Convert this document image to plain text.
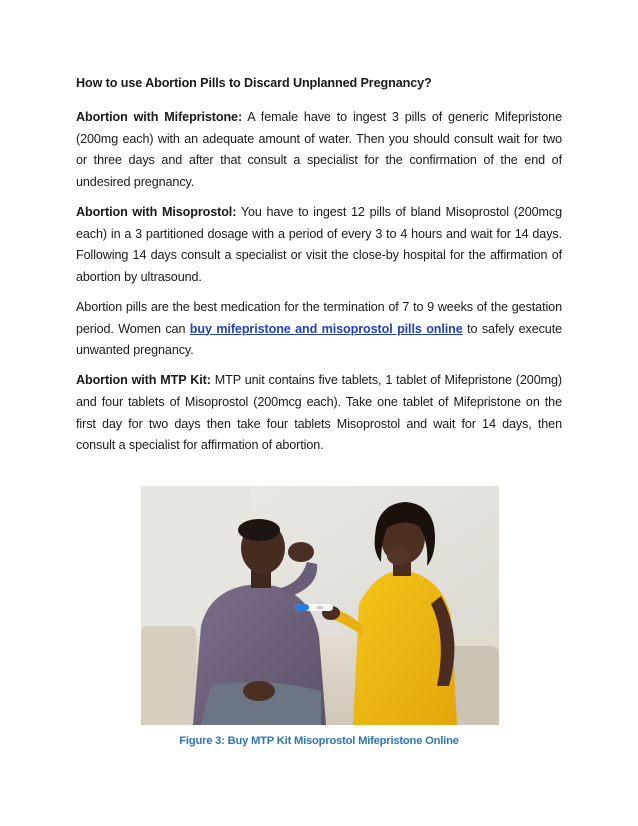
How to use Abortion Pills to Discard Unplanned Pregnancy?

Abortion with Mifepristone: A female have to ingest 3 pills of generic Mifepristone (200mg each) with an adequate amount of water. Then you should consult wait for two or three days and after that consult a specialist for the confirmation of the end of undesired pregnancy.

Abortion with Misoprostol: You have to ingest 12 pills of bland Misoprostol (200mcg each) in a 3 partitioned dosage with a period of every 3 to 4 hours and wait for 14 days. Following 14 days consult a specialist or visit the close-by hospital for the affirmation of abortion by ultrasound.

Abortion pills are the best medication for the termination of 7 to 9 weeks of the gestation period. Women can buy mifepristone and misoprostol pills online to safely execute unwanted pregnancy.

Abortion with MTP Kit: MTP unit contains five tablets, 1 tablet of Mifepristone (200mg) and four tablets of Misoprostol (200mcg each). Take one tablet of Mifepristone on the first day for two days then take four tablets Misoprostol and wait for 14 days, then consult a specialist for affirmation of abortion.

Figure 3: Buy MTP Kit Misoprostol Mifepristone Online
